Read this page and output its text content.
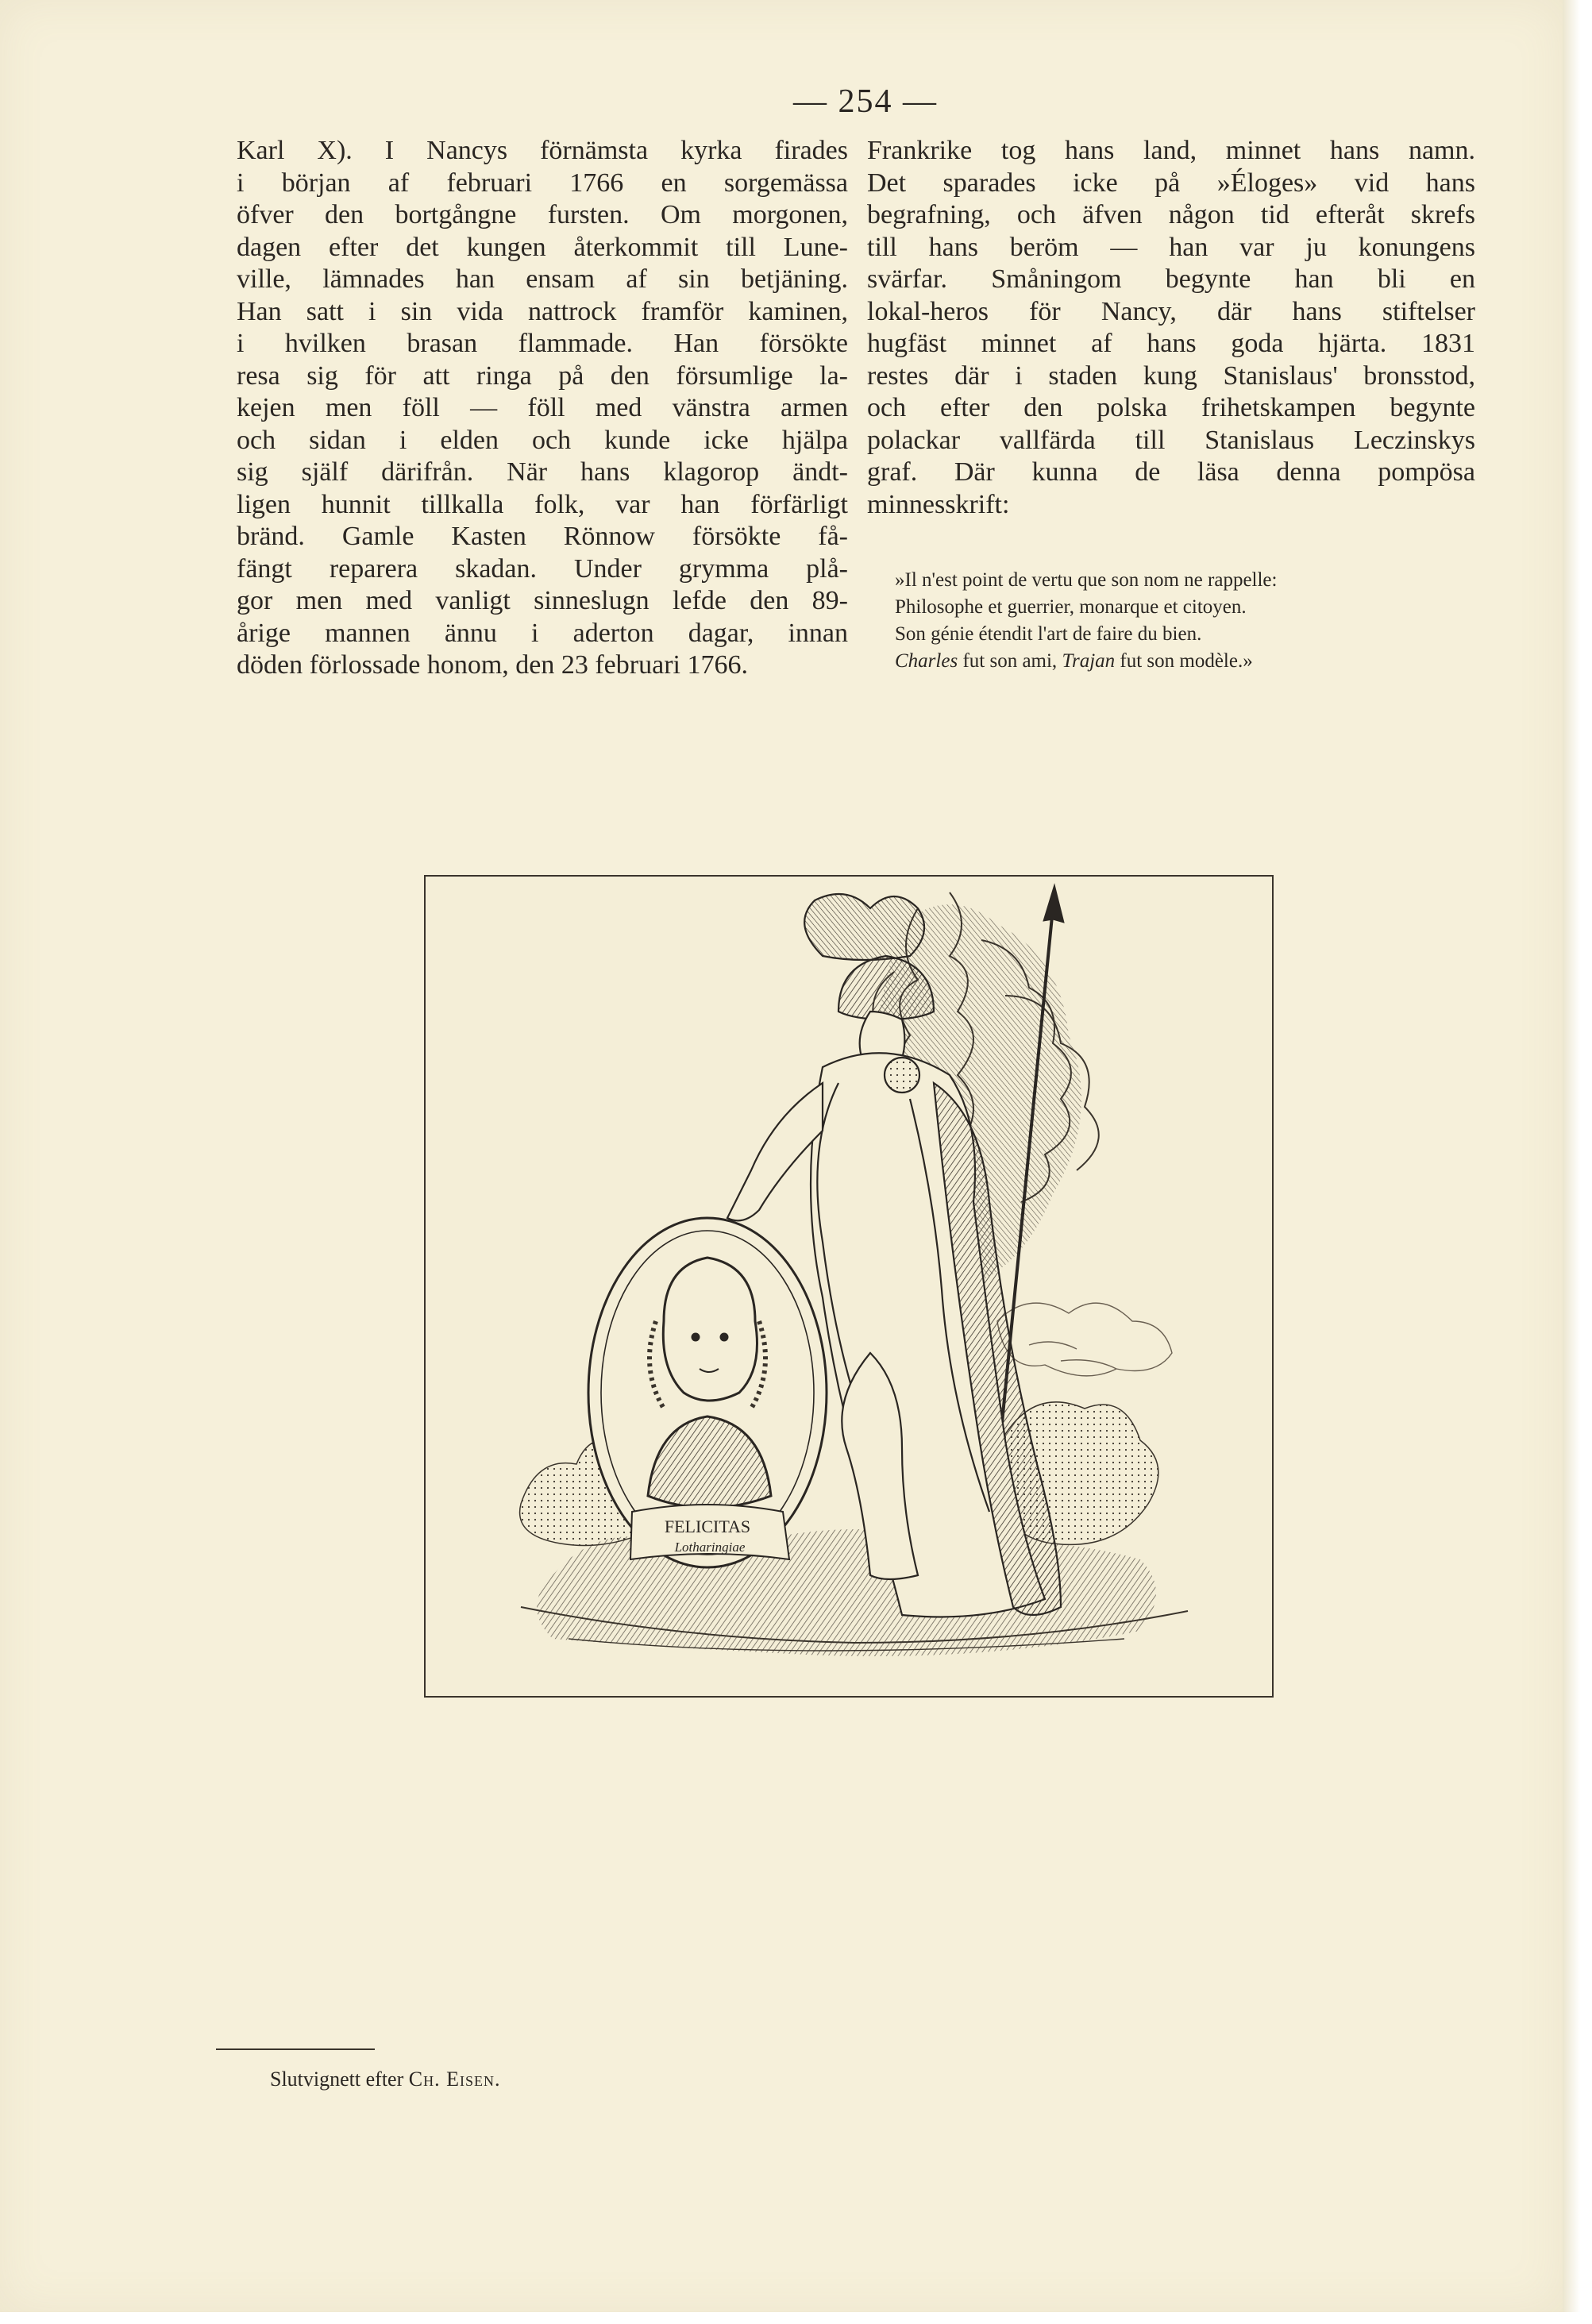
— 254 —
Karl X). I Nancys förnämsta kyrka firades
i början af februari 1766 en sorgemässa
öfver den bortgångne fursten. Om morgonen,
dagen efter det kungen återkommit till Lune-
ville, lämnades han ensam af sin betjäning.
Han satt i sin vida nattrock framför kaminen,
i hvilken brasan flammade. Han försökte
resa sig för att ringa på den försumlige la-
kejen men föll — föll med vänstra armen
och sidan i elden och kunde icke hjälpa
sig själf därifrån. När hans klagorop ändt-
ligen hunnit tillkalla folk, var han förfärligt
bränd. Gamle Kasten Rönnow försökte få-
fängt reparera skadan. Under grymma plå-
gor men med vanligt sinneslugn lefde den 89-
årige mannen ännu i aderton dagar, innan
döden förlossade honom, den 23 februari 1766.
Frankrike tog hans land, minnet hans namn.
Det sparades icke på »Éloges» vid hans
begrafning, och äfven någon tid efteråt skrefs
till hans beröm — han var ju konungens
svärfar. Småningom begynte han bli en
lokal-heros för Nancy, där hans stiftelser
hugfäst minnet af hans goda hjärta. 1831
restes där i staden kung Stanislaus' bronsstod,
och efter den polska frihetskampen begynte
polackar vallfärda till Stanislaus Leczinskys
graf. Där kunna de läsa denna pompösa
minnesskrift:
»Il n'est point de vertu que son nom ne rappelle:
Philosophe et guerrier, monarque et citoyen.
Son génie étendit l'art de faire du bien.
Charles fut son ami, Trajan fut son modèle.»
FELICITAS
Lotharingiae
Slutvignett efter Ch. Eisen.
